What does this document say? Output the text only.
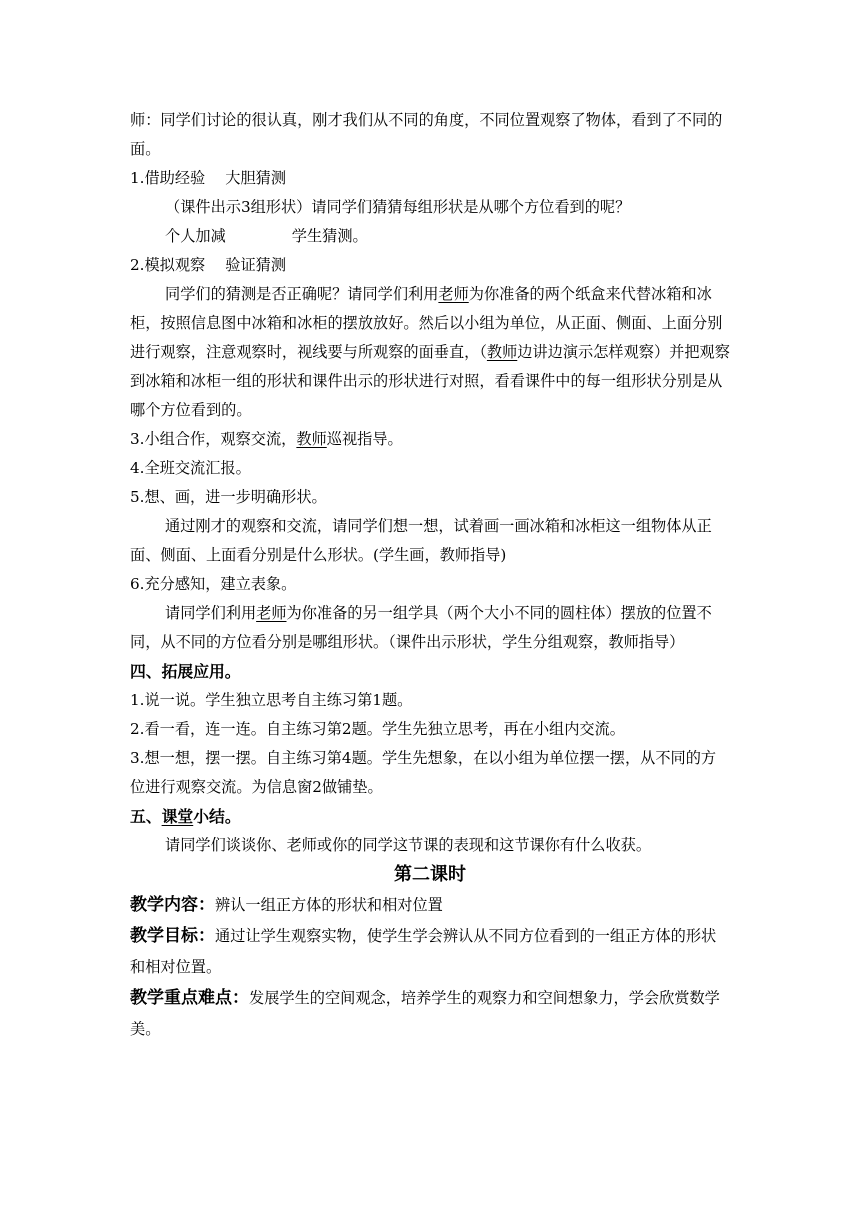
师：同学们讨论的很认真，刚才我们从不同的角度，不同位置观察了物体，看到了不同的面。

1.借助经验 大胆猜测

（课件出示3组形状）请同学们猜猜每组形状是从哪个方位看到的呢？

个人加减	学生猜测。

2.模拟观察 验证猜测

同学们的猜测是否正确呢？请同学们利用老师为你准备的两个纸盒来代替冰箱和冰柜，按照信息图中冰箱和冰柜的摆放放好。然后以小组为单位，从正面、侧面、上面分别进行观察，注意观察时，视线要与所观察的面垂直，（教师边讲边演示怎样观察）并把观察到冰箱和冰柜一组的形状和课件出示的形状进行对照，看看课件中的每一组形状分别是从哪个方位看到的。

3.小组合作，观察交流，教师巡视指导。

4.全班交流汇报。

5.想、画，进一步明确形状。

通过刚才的观察和交流，请同学们想一想，试着画一画冰箱和冰柜这一组物体从正面、侧面、上面看分别是什么形状。(学生画，教师指导)

6.充分感知，建立表象。

请同学们利用老师为你准备的另一组学具（两个大小不同的圆柱体）摆放的位置不同，从不同的方位看分别是哪组形状。（课件出示形状，学生分组观察，教师指导）

四、拓展应用。

1.说一说。学生独立思考自主练习第1题。

2.看一看，连一连。自主练习第2题。学生先独立思考，再在小组内交流。

3.想一想，摆一摆。自主练习第4题。学生先想象，在以小组为单位摆一摆，从不同的方位进行观察交流。为信息窗2做铺垫。

五、课堂小结。

请同学们谈谈你、老师或你的同学这节课的表现和这节课你有什么收获。

第二课时

教学内容：辨认一组正方体的形状和相对位置

教学目标：通过让学生观察实物，使学生学会辨认从不同方位看到的一组正方体的形状和相对位置。

教学重点难点：发展学生的空间观念，培养学生的观察力和空间想象力，学会欣赏数学美。
